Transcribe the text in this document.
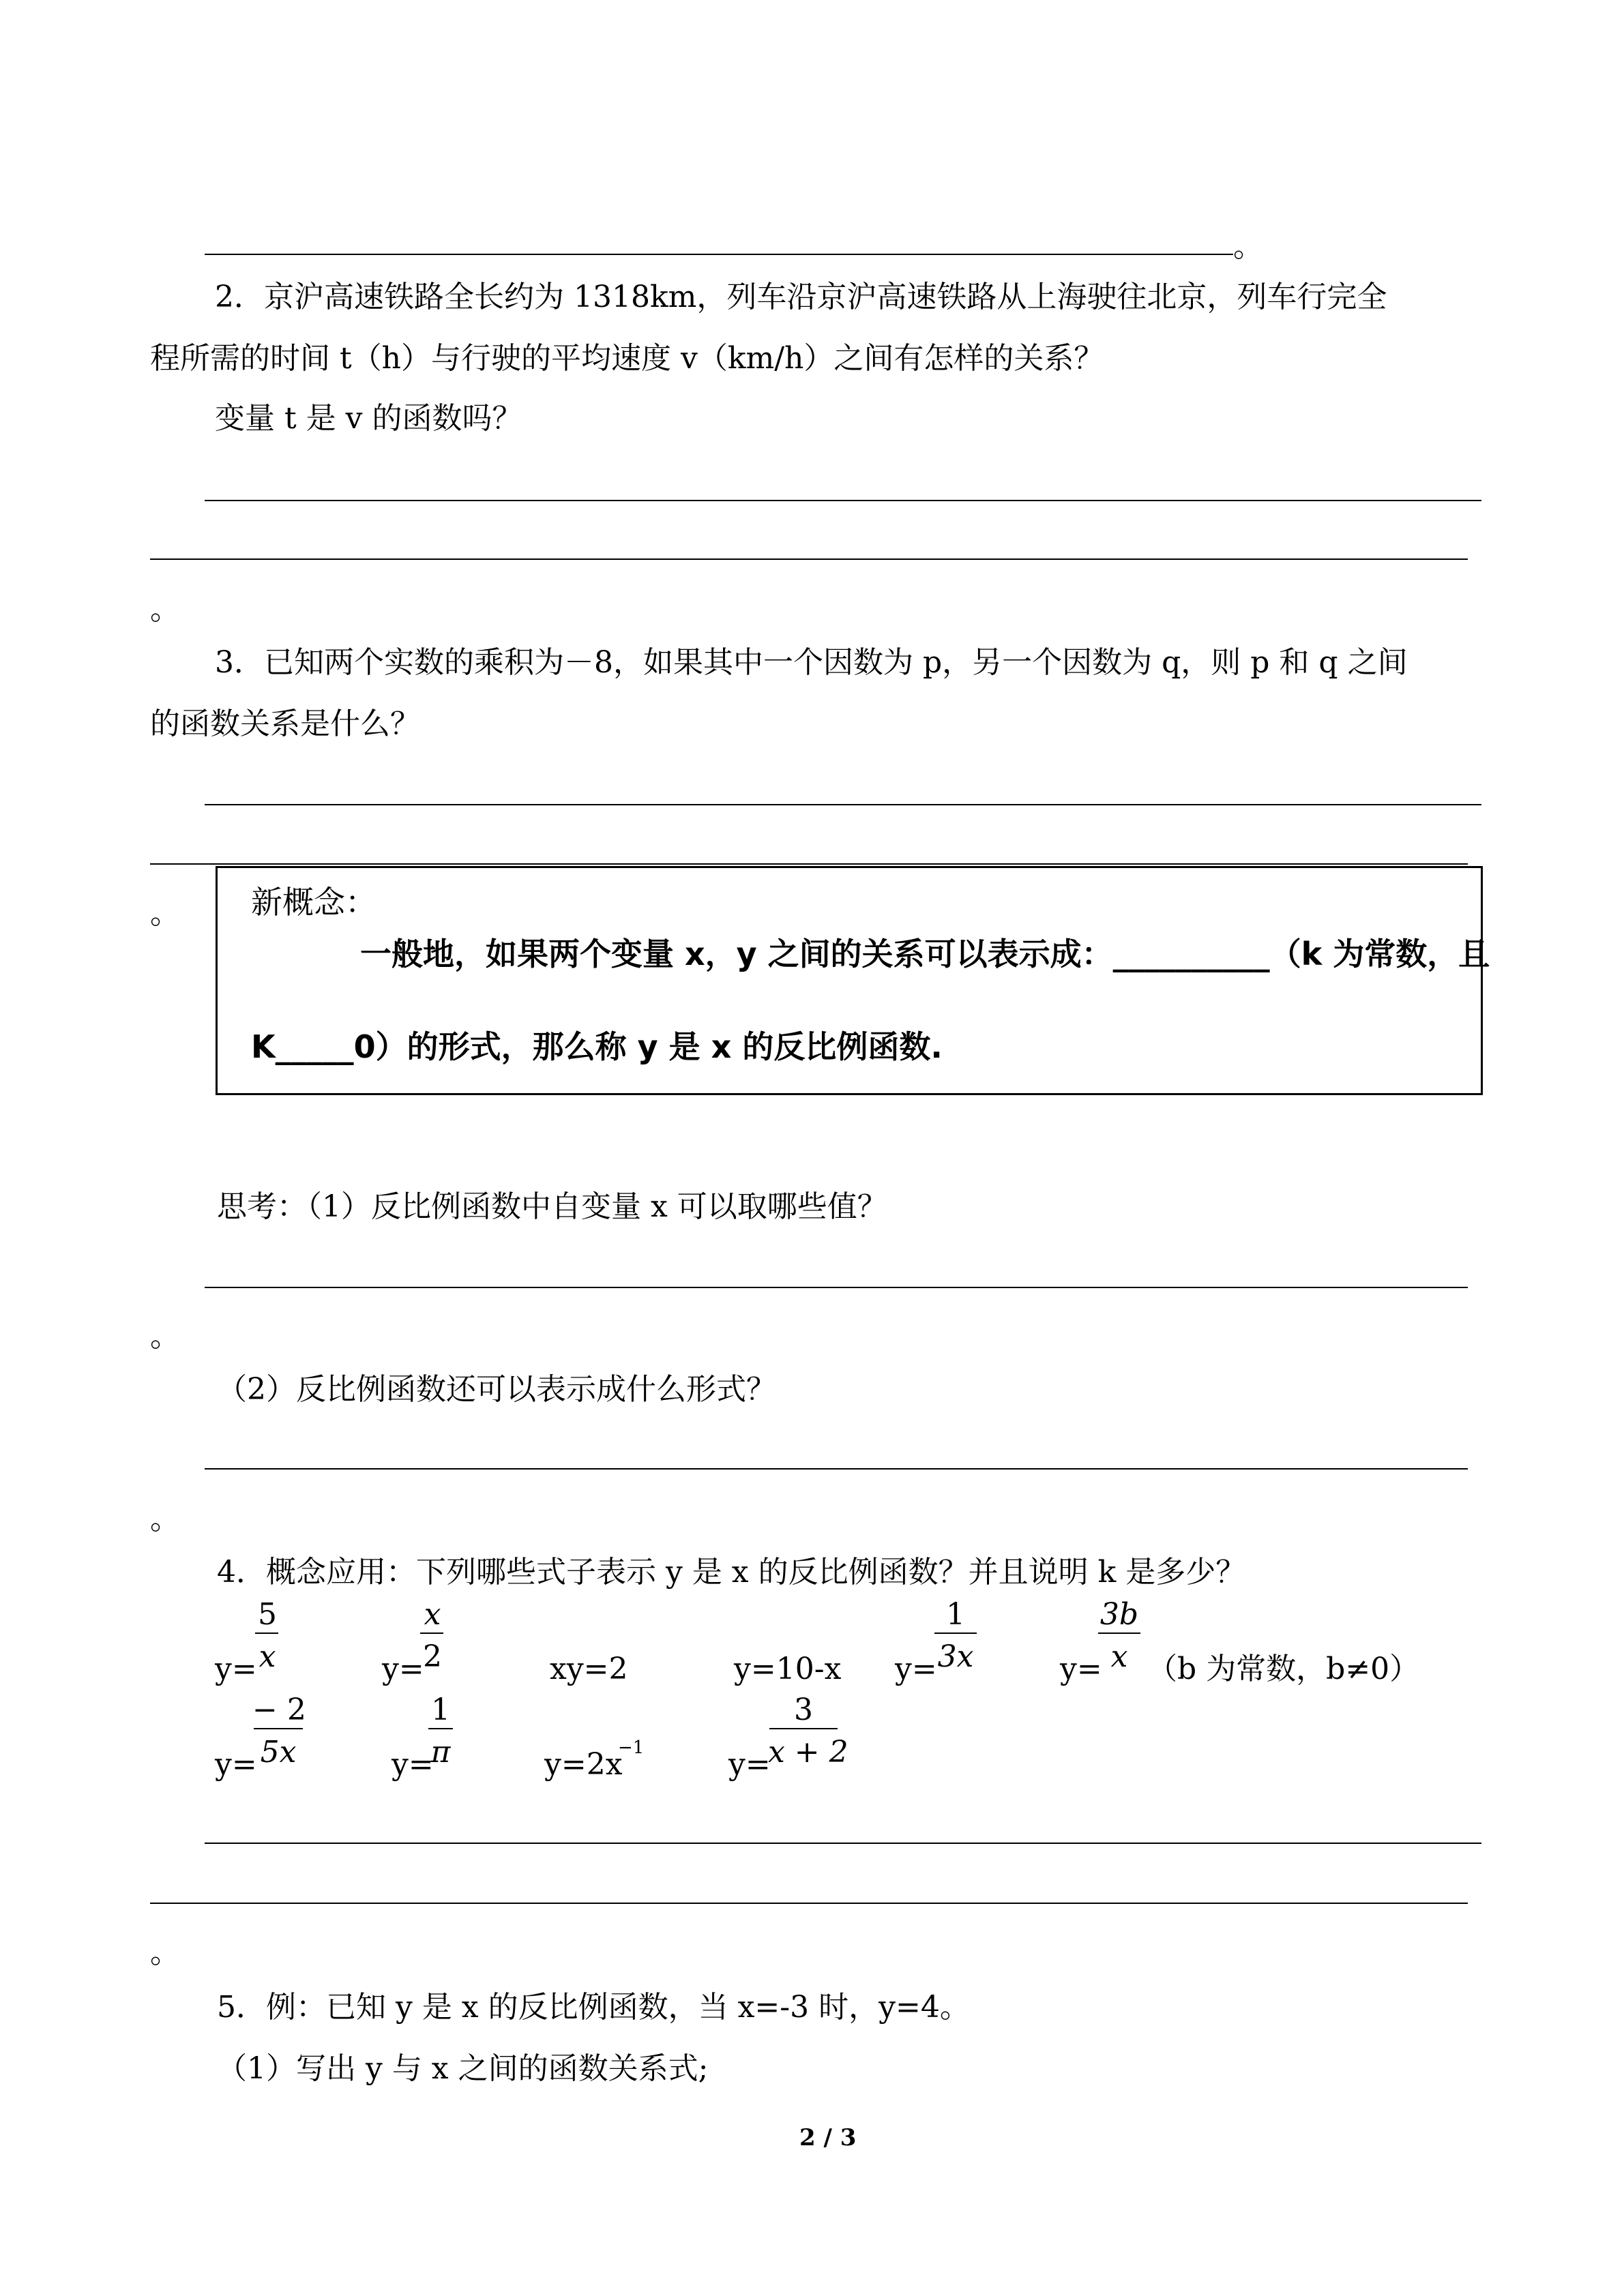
。
2．京沪高速铁路全长约为 1318km，列车沿京沪高速铁路从上海驶往北京，列车行完全
程所需的时间 t（h）与行驶的平均速度 v（km/h）之间有怎样的关系？
变量 t 是 v 的函数吗？
。
3．已知两个实数的乘积为－8，如果其中一个因数为 p，另一个因数为 q，则 p 和 q 之间
的函数关系是什么？
。 新概念：
一般地，如果两个变量 x，y 之间的关系可以表示成：__________（k 为常数，且
K_____0）的形式，那么称 y 是 x 的反比例函数.
思考：（1）反比例函数中自变量 x 可以取哪些值？
。
（2）反比例函数还可以表示成什么形式？
。
4．概念应用：下列哪些式子表示 y 是 x 的反比例函数？并且说明 k 是多少？
y=
5
x	y=
x
2	xy=2	y=10-x y=
1
3x	y=
3b
x （b 为常数，b≠0）
y=
− 2
5x	y=
1
π	y=2x
−1	y=
3
x + 2
。
5．例：已知 y 是 x 的反比例函数，当 x=-3 时，y=4。
（1）写出 y 与 x 之间的函数关系式;
2 / 3
